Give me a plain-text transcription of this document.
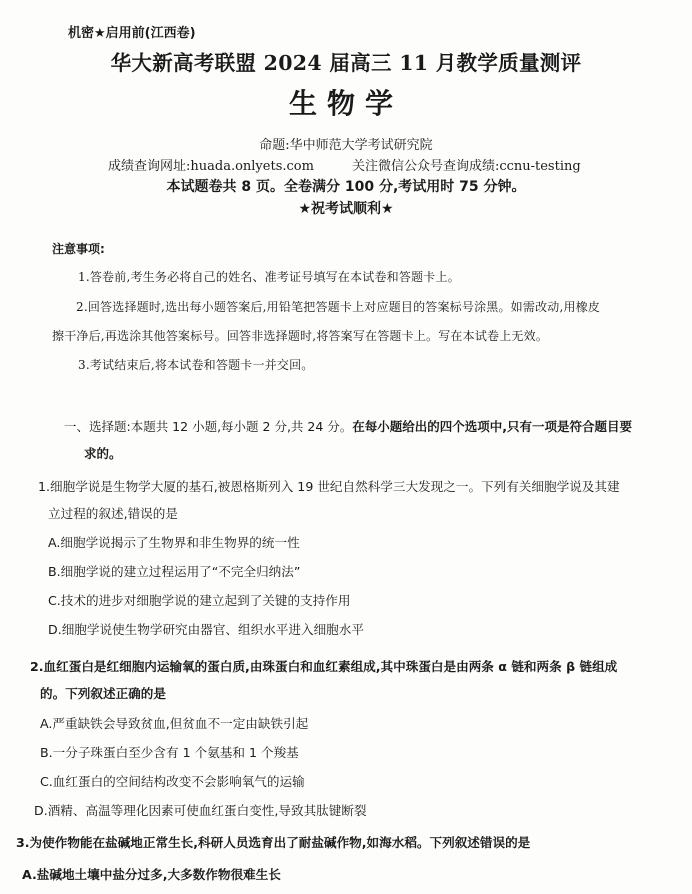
机密★启用前(江西卷)
华大新高考联盟 2024 届高三 11 月教学质量测评
生物学
命题:华中师范大学考试研究院
成绩查询网址:huada.onlyets.com	关注微信公众号查询成绩:ccnu-testing
本试题卷共 8 页。全卷满分 100 分,考试用时 75 分钟。
★祝考试顺利★
注意事项:
1.答卷前,考生务必将自己的姓名、准考证号填写在本试卷和答题卡上。
2.回答选择题时,选出每小题答案后,用铅笔把答题卡上对应题目的答案标号涂黑。如需改动,用橡皮
擦干净后,再选涂其他答案标号。回答非选择题时,将答案写在答题卡上。写在本试卷上无效。
3.考试结束后,将本试卷和答题卡一并交回。
一、选择题:本题共 12 小题,每小题 2 分,共 24 分。在每小题给出的四个选项中,只有一项是符合题目要
求的。
1.细胞学说是生物学大厦的基石,被恩格斯列入 19 世纪自然科学三大发现之一。下列有关细胞学说及其建
立过程的叙述,错误的是
A.细胞学说揭示了生物界和非生物界的统一性
B.细胞学说的建立过程运用了“不完全归纳法”
C.技术的进步对细胞学说的建立起到了关键的支持作用
D.细胞学说使生物学研究由器官、组织水平进入细胞水平
2.血红蛋白是红细胞内运输氧的蛋白质,由珠蛋白和血红素组成,其中珠蛋白是由两条 α 链和两条 β 链组成
的。下列叙述正确的是
A.严重缺铁会导致贫血,但贫血不一定由缺铁引起
B.一分子珠蛋白至少含有 1 个氨基和 1 个羧基
C.血红蛋白的空间结构改变不会影响氧气的运输
D.酒精、高温等理化因素可使血红蛋白变性,导致其肽键断裂
3.为使作物能在盐碱地正常生长,科研人员选育出了耐盐碱作物,如海水稻。下列叙述错误的是
A.盐碱地土壤中盐分过多,大多数作物很难生长
